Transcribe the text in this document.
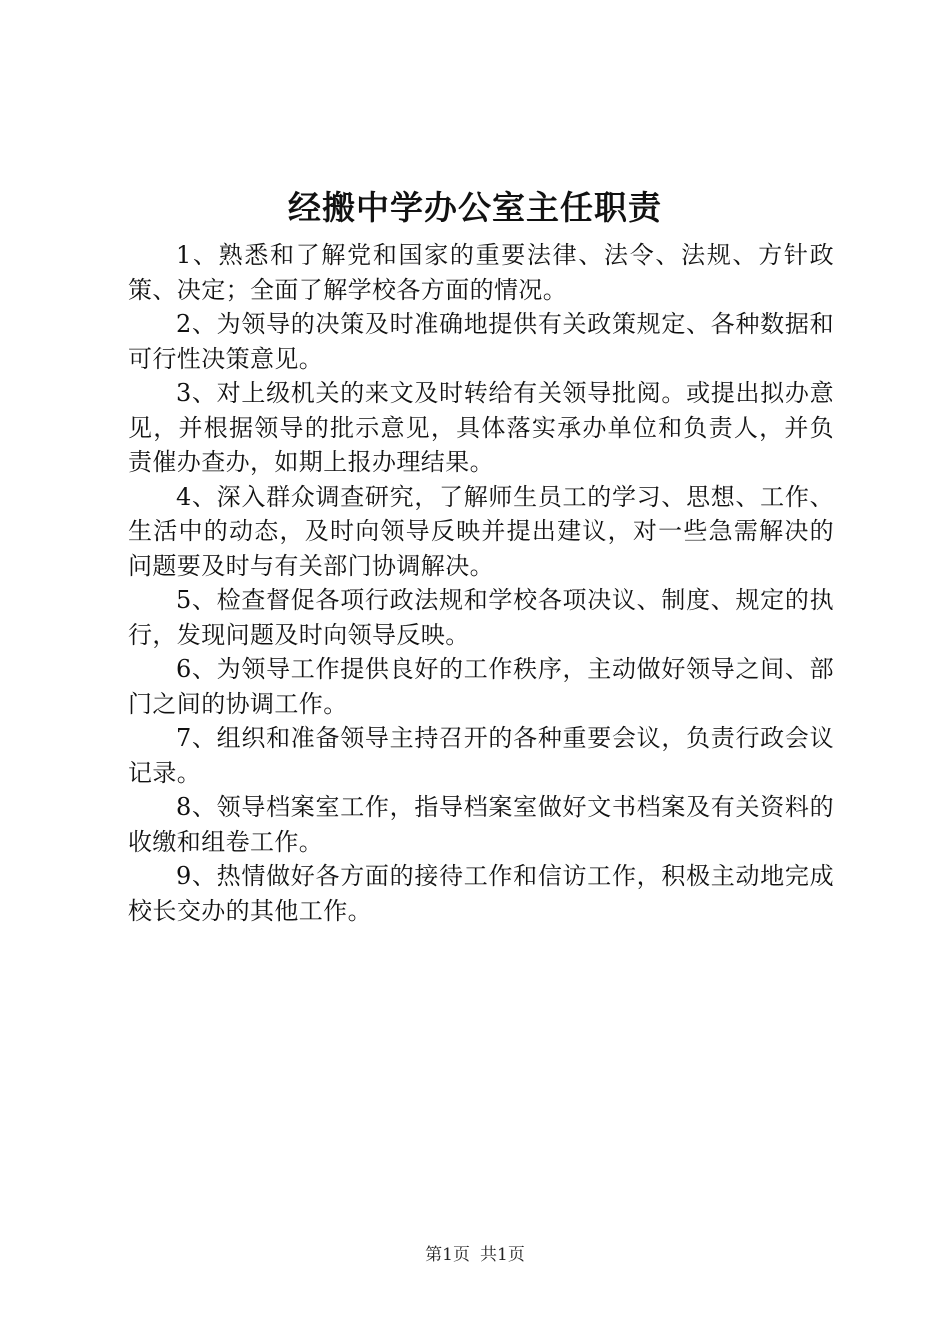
经搬中学办公室主任职责

1、熟悉和了解党和国家的重要法律、法令、法规、方针政策、决定；全面了解学校各方面的情况。

2、为领导的决策及时准确地提供有关政策规定、各种数据和可行性决策意见。

3、对上级机关的来文及时转给有关领导批阅。或提出拟办意见，并根据领导的批示意见，具体落实承办单位和负责人，并负责催办查办，如期上报办理结果。

4、深入群众调查研究，了解师生员工的学习、思想、工作、生活中的动态，及时向领导反映并提出建议，对一些急需解决的问题要及时与有关部门协调解决。

5、检查督促各项行政法规和学校各项决议、制度、规定的执行，发现问题及时向领导反映。

6、为领导工作提供良好的工作秩序，主动做好领导之间、部门之间的协调工作。

7、组织和准备领导主持召开的各种重要会议，负责行政会议记录。

8、领导档案室工作，指导档案室做好文书档案及有关资料的收缴和组卷工作。

9、热情做好各方面的接待工作和信访工作，积极主动地完成校长交办的其他工作。

第1页 共1页
